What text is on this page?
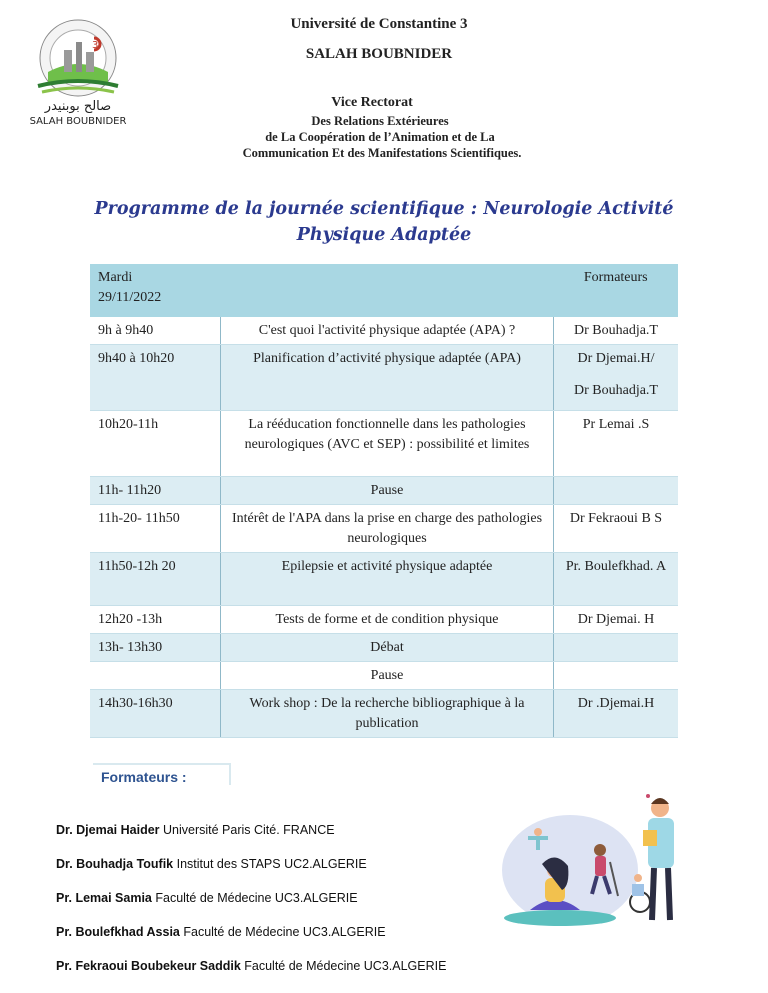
3
صالح بوبنيدر
SALAH BOUBNIDER
Université de Constantine 3
SALAH BOUBNIDER
Vice Rectorat
Des Relations Extérieures
de La Coopération de l’Animation et de La
Communication Et des Manifestations Scientifiques.
Programme de la journée scientifique : Neurologie Activité
Physique Adaptée
Mardi
29/11/2022		Formateurs

9h à 9h40	C'est quoi l'activité physique adaptée (APA) ?	Dr Bouhadja.T
9h40 à 10h20	Planification d’activité physique adaptée (APA)	Dr Djemai.H/
Dr Bouhadja.T

10h20-11h	La rééducation fonctionnelle dans les pathologies neurologiques (AVC et SEP) : possibilité et limites	Pr Lemai .S
11h- 11h20	Pause	
11h-20- 11h50	Intérêt de l'APA dans la prise en charge des pathologies neurologiques	Dr Fekraoui B S
11h50-12h 20	Epilepsie et activité physique adaptée	Pr. Boulefkhad. A
12h20 -13h	Tests de forme et de condition physique	Dr Djemai. H
13h- 13h30	Débat	
	Pause	
14h30-16h30	Work shop : De la recherche bibliographique à la publication	Dr .Djemai.H
Formateurs :
Dr. Djemai Haider Université Paris Cité. FRANCE
Dr. Bouhadja Toufik Institut des STAPS UC2.ALGERIE
Pr. Lemai Samia Faculté de Médecine UC3.ALGERIE
Pr. Boulefkhad Assia Faculté de Médecine UC3.ALGERIE
Pr. Fekraoui Boubekeur Saddik Faculté de Médecine UC3.ALGERIE
